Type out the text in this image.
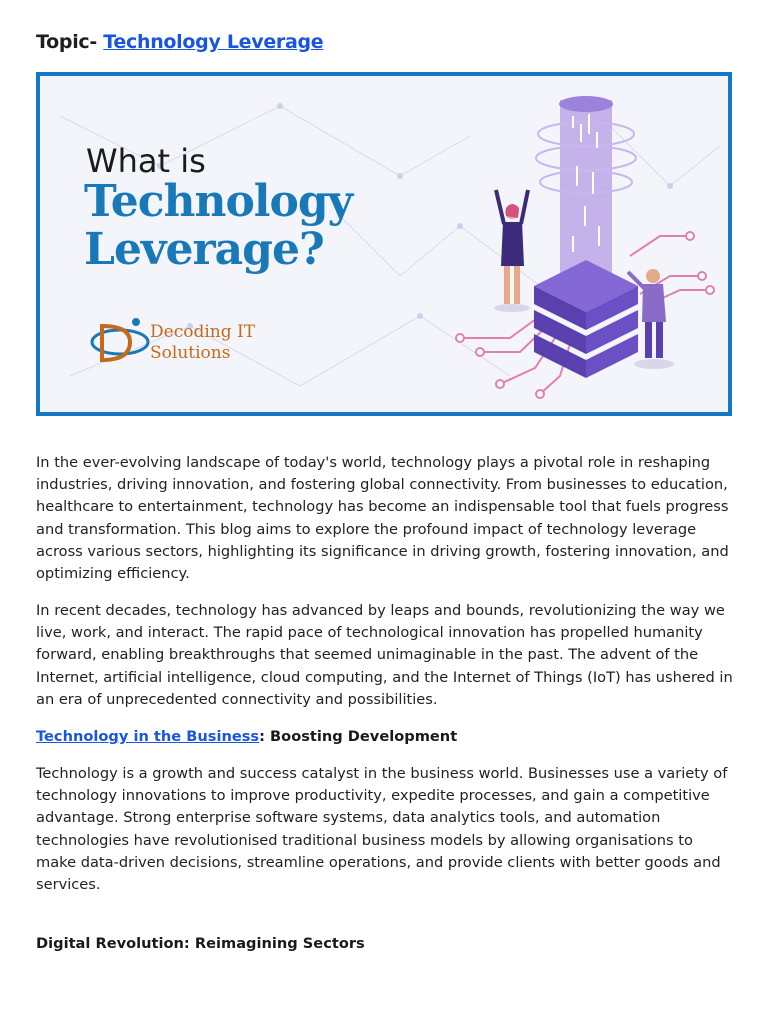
Topic- Technology Leverage
What is
Technology
Leverage?
Decoding IT
Solutions

In the ever-evolving landscape of today's world, technology plays a pivotal role in reshaping industries, driving innovation, and fostering global connectivity. From businesses to education, healthcare to entertainment, technology has become an indispensable tool that fuels progress and transformation. This blog aims to explore the profound impact of technology leverage across various sectors, highlighting its significance in driving growth, fostering innovation, and optimizing efficiency.

In recent decades, technology has advanced by leaps and bounds, revolutionizing the way we live, work, and interact. The rapid pace of technological innovation has propelled humanity forward, enabling breakthroughs that seemed unimaginable in the past. The advent of the Internet, artificial intelligence, cloud computing, and the Internet of Things (IoT) has ushered in an era of unprecedented connectivity and possibilities.

Technology in the Business: Boosting Development

Technology is a growth and success catalyst in the business world. Businesses use a variety of technology innovations to improve productivity, expedite processes, and gain a competitive advantage. Strong enterprise software systems, data analytics tools, and automation technologies have revolutionised traditional business models by allowing organisations to make data-driven decisions, streamline operations, and provide clients with better goods and services.

Digital Revolution: Reimagining Sectors
